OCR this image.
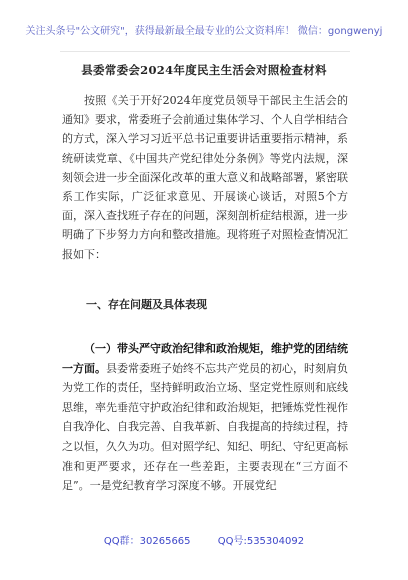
关注头条号"公文研究"，获得最新最全最专业的公文资料库！ 微信：gongwenyj
县委常委会2024年度民主生活会对照检查材料

按照《关于开好2024年度党员领导干部民主生活会的通知》要求，常委班子会前通过集体学习、个人自学相结合的方式，深入学习习近平总书记重要讲话重要指示精神，系统研读党章、《中国共产党纪律处分条例》等党内法规，深刻领会进一步全面深化改革的重大意义和战略部署，紧密联系工作实际，广泛征求意见、开展谈心谈话，对照5个方面，深入查找班子存在的问题，深刻剖析症结根源，进一步明确了下步努力方向和整改措施。现将班子对照检查情况汇报如下：

一、存在问题及具体表现

（一）带头严守政治纪律和政治规矩，维护党的团结统一方面。县委常委班子始终不忘共产党员的初心，时刻肩负为党工作的责任，坚持鲜明政治立场、坚定党性原则和底线思维，率先垂范守护政治纪律和政治规矩，把锤炼党性视作自我净化、自我完善、自我革新、自我提高的持续过程，持之以恒，久久为功。但对照学纪、知纪、明纪、守纪更高标准和更严要求，还存在一些差距，主要表现在“三方面不足”。一是党纪教育学习深度不够。开展党纪

QQ群：30265665	QQ号:535304092
